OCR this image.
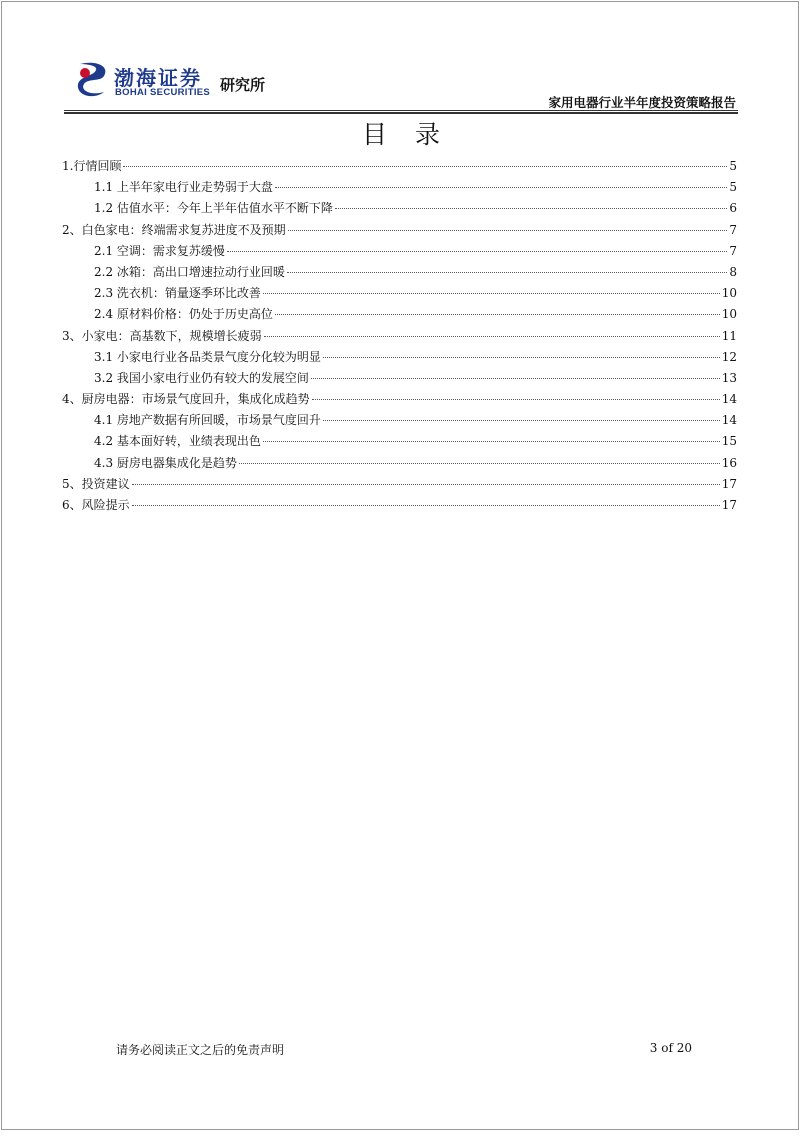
渤海证券
BOHAI SECURITIES 研究所
家用电器行业半年度投资策略报告
目录
1.行情回顾	5
1.1 上半年家电行业走势弱于大盘	5
1.2 估值水平：今年上半年估值水平不断下降	6
2、白色家电：终端需求复苏进度不及预期	7
2.1 空调：需求复苏缓慢	7
2.2 冰箱：高出口增速拉动行业回暖	8
2.3 洗衣机：销量逐季环比改善	10
2.4 原材料价格：仍处于历史高位	10
3、小家电：高基数下，规模增长疲弱	11
3.1 小家电行业各品类景气度分化较为明显	12
3.2 我国小家电行业仍有较大的发展空间	13
4、厨房电器：市场景气度回升，集成化成趋势	14
4.1 房地产数据有所回暖，市场景气度回升	14
4.2 基本面好转，业绩表现出色	15
4.3 厨房电器集成化是趋势	16
5、投资建议	17
6、风险提示	17
请务必阅读正文之后的免责声明	3 of 20
